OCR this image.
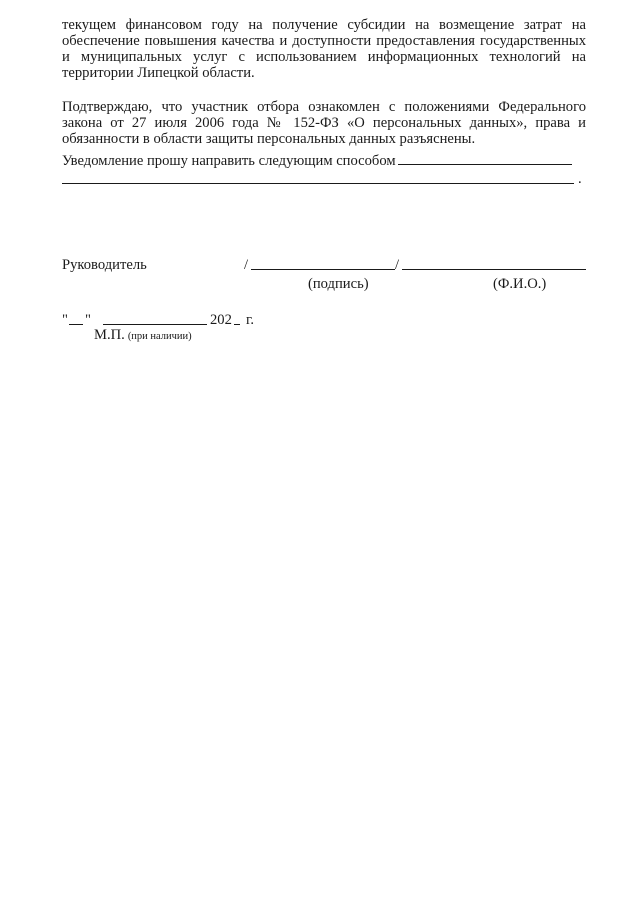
текущем финансовом году на получение субсидии на возмещение затрат на обеспечение повышения качества и доступности предоставления государственных и муниципальных услуг с использованием информационных технологий на территории Липецкой области.

Подтверждаю, что участник отбора ознакомлен с положениями Федерального закона от 27 июля 2006 года № 152-ФЗ «О персональных данных», права и обязанности в области защиты персональных данных разъяснены.

Уведомление прошу направить следующим способом

.
Руководитель	/	/
(подпись)	(Ф.И.О.)
" "	202 г.
М.П. (при наличии)
